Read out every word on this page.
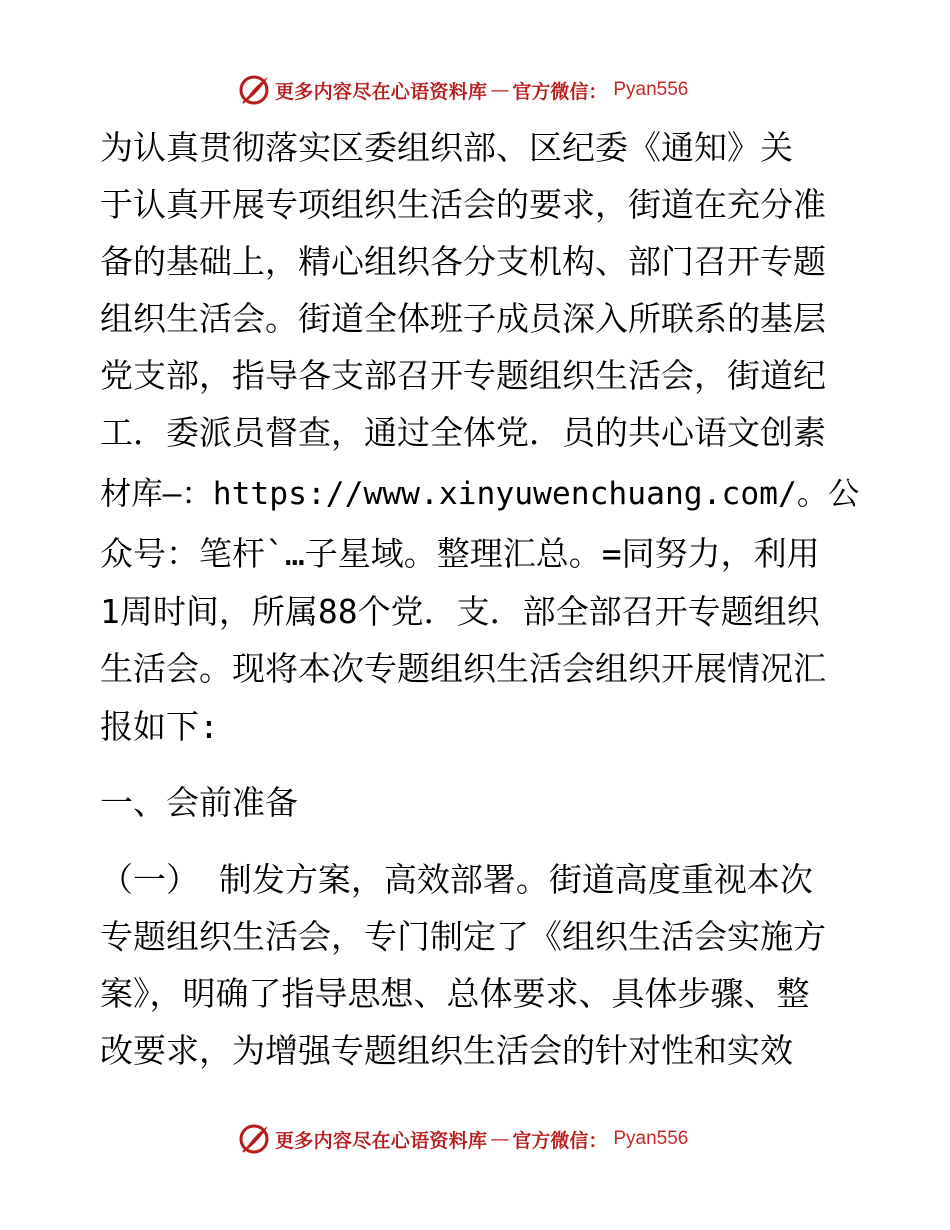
更多内容尽在心语资料库 — 官方微信： Pyan556
为认真贯彻落实区委组织部、区纪委《通知》关
于认真开展专项组织生活会的要求，街道在充分准
备的基础上，精心组织各分支机构、部门召开专题
组织生活会。街道全体班子成员深入所联系的基层
党支部，指导各支部召开专题组织生活会，街道纪
工．委派员督查，通过全体党．员的共心语文创素
材库—：https://www.xinyuwenchuang.com/。公
众号：笔杆`…子星域。整理汇总。=同努力，利用
1周时间，所属88个党．支．部全部召开专题组织
生活会。现将本次专题组织生活会组织开展情况汇
报如下:
一、会前准备
（一） 制发方案，高效部署。街道高度重视本次
专题组织生活会，专门制定了《组织生活会实施方
案》，明确了指导思想、总体要求、具体步骤、整
改要求，为增强专题组织生活会的针对性和实效
更多内容尽在心语资料库 — 官方微信： Pyan556
